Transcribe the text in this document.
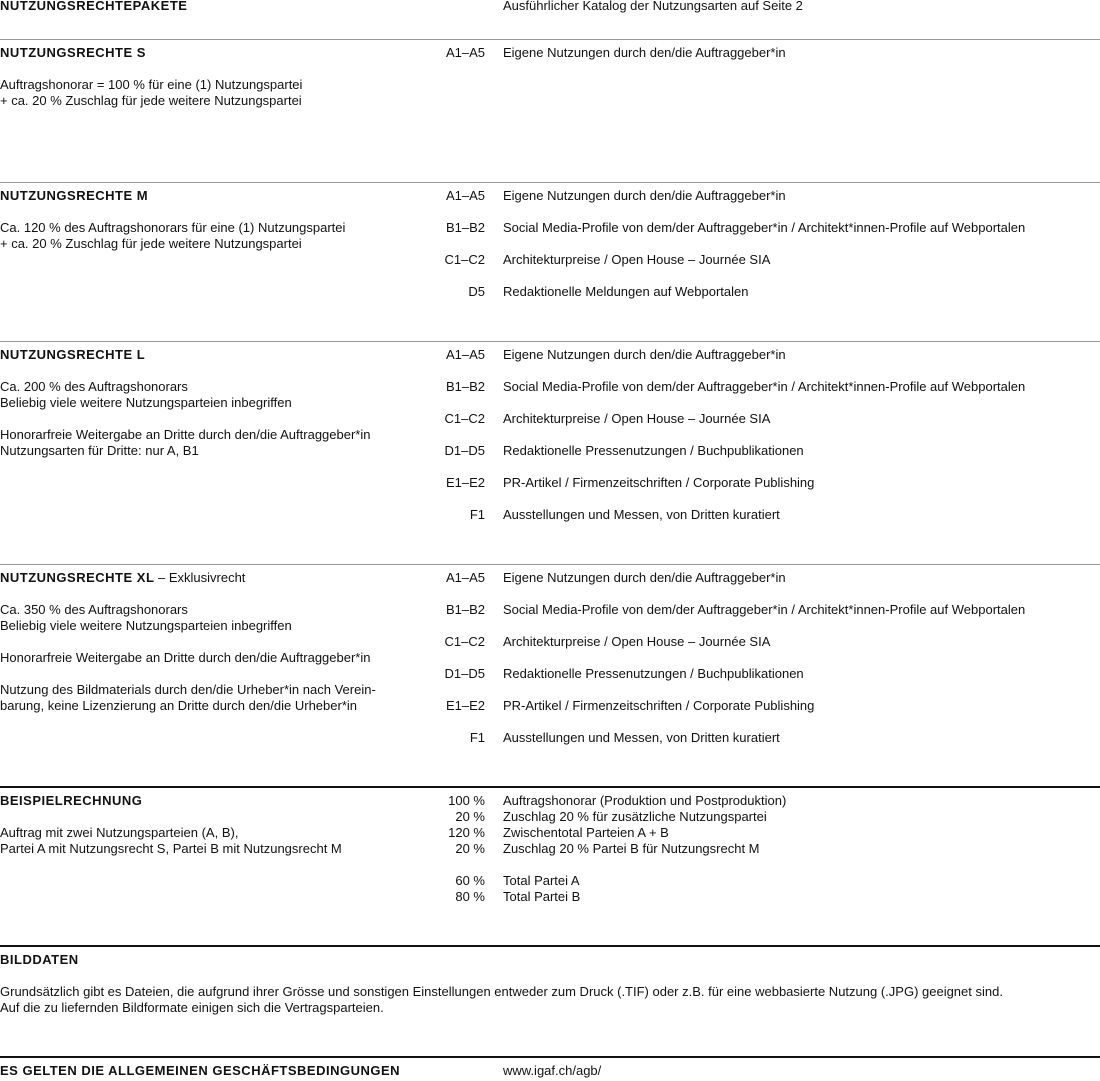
NUTZUNGSRECHTEPAKETE	Ausführlicher Katalog der Nutzungsarten auf Seite 2
NUTZUNGSRECHTE S
Auftragshonorar = 100 % für eine (1) Nutzungspartei
+ ca. 20 % Zuschlag für jede weitere Nutzungspartei
A1–A5 Eigene Nutzungen durch den/die Auftraggeber*in
NUTZUNGSRECHTE M
Ca. 120 % des Auftragshonorars für eine (1) Nutzungspartei
+ ca. 20 % Zuschlag für jede weitere Nutzungspartei
A1–A5 Eigene Nutzungen durch den/die Auftraggeber*in
B1–B2 Social Media-Profile von dem/der Auftraggeber*in / Architekt*innen-Profile auf Webportalen
C1–C2 Architekturpreise / Open House – Journée SIA
D5 Redaktionelle Meldungen auf Webportalen
NUTZUNGSRECHTE L
Ca. 200 % des Auftragshonorars
Beliebig viele weitere Nutzungsparteien inbegriffen
Honorarfreie Weitergabe an Dritte durch den/die Auftraggeber*in
Nutzungsarten für Dritte: nur A, B1
A1–A5 Eigene Nutzungen durch den/die Auftraggeber*in
B1–B2 Social Media-Profile von dem/der Auftraggeber*in / Architekt*innen-Profile auf Webportalen
C1–C2 Architekturpreise / Open House – Journée SIA
D1–D5 Redaktionelle Pressenutzungen / Buchpublikationen
E1–E2 PR-Artikel / Firmenzeitschriften / Corporate Publishing
F1 Ausstellungen und Messen, von Dritten kuratiert
NUTZUNGSRECHTE XL – Exklusivrecht
Ca. 350 % des Auftragshonorars
Beliebig viele weitere Nutzungsparteien inbegriffen
Honorarfreie Weitergabe an Dritte durch den/die Auftraggeber*in
Nutzung des Bildmaterials durch den/die Urheber*in nach Verein-
barung, keine Lizenzierung an Dritte durch den/die Urheber*in
A1–A5 Eigene Nutzungen durch den/die Auftraggeber*in
B1–B2 Social Media-Profile von dem/der Auftraggeber*in / Architekt*innen-Profile auf Webportalen
C1–C2 Architekturpreise / Open House – Journée SIA
D1–D5 Redaktionelle Pressenutzungen / Buchpublikationen
E1–E2 PR-Artikel / Firmenzeitschriften / Corporate Publishing
F1 Ausstellungen und Messen, von Dritten kuratiert
BEISPIELRECHNUNG
Auftrag mit zwei Nutzungsparteien (A, B),
Partei A mit Nutzungsrecht S, Partei B mit Nutzungsrecht M
100 % Auftragshonorar (Produktion und Postproduktion)
20 % Zuschlag 20 % für zusätzliche Nutzungspartei
120 % Zwischentotal Parteien A + B
20 % Zuschlag 20 % Partei B für Nutzungsrecht M
60 % Total Partei A
80 % Total Partei B
BILDDATEN
Grundsätzlich gibt es Dateien, die aufgrund ihrer Grösse und sonstigen Einstellungen entweder zum Druck (.TIF) oder z.B. für eine webbasierte Nutzung (.JPG) geeignet sind.
Auf die zu liefernden Bildformate einigen sich die Vertragsparteien.
ES GELTEN DIE ALLGEMEINEN GESCHÄFTSBEDINGUNGEN	www.igaf.ch/agb/
